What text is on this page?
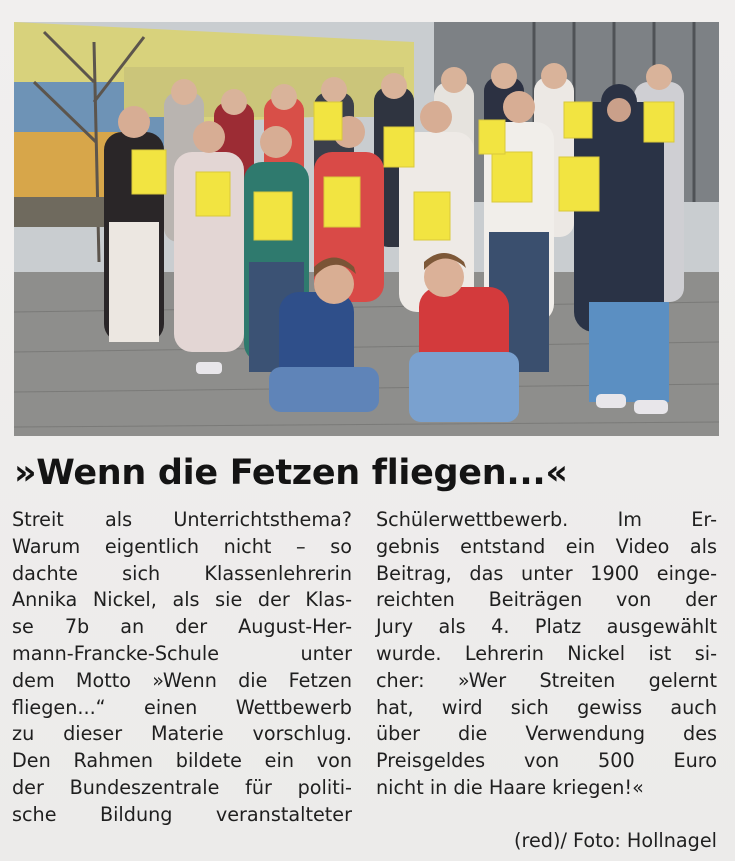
»Wenn die Fetzen fliegen...«
Streit als Unterrichtsthema?
Warum eigentlich nicht – so
dachte sich Klassenlehrerin
Annika Nickel, als sie der Klas-
se 7b an der August-Her-
mann-Francke-Schule unter
dem Motto »Wenn die Fetzen
fliegen...“ einen Wettbewerb
zu dieser Materie vorschlug.
Den Rahmen bildete ein von
der Bundeszentrale für politi-
sche Bildung veranstalteter
Schülerwettbewerb. Im Er-
gebnis entstand ein Video als
Beitrag, das unter 1900 einge-
reichten Beiträgen von der
Jury als 4. Platz ausgewählt
wurde. Lehrerin Nickel ist si-
cher: »Wer Streiten gelernt
hat, wird sich gewiss auch
über die Verwendung des
Preisgeldes von 500 Euro
nicht in die Haare kriegen!«
(red)/ Foto: Hollnagel
